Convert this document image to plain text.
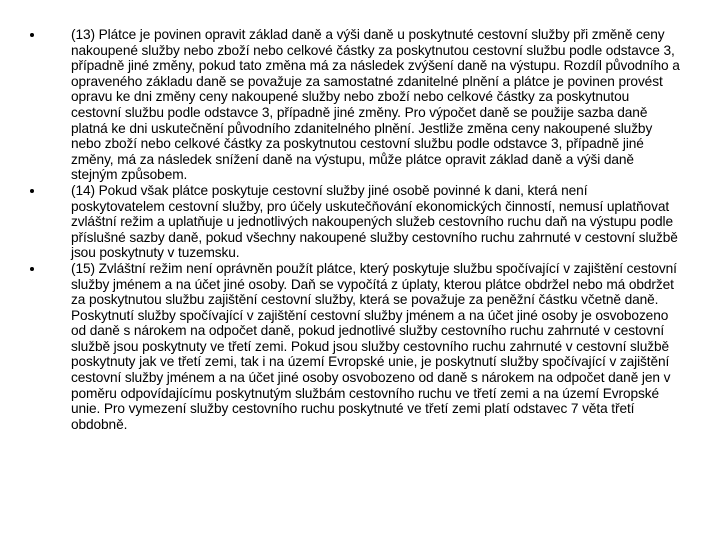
(13) Plátce je povinen opravit základ daně a výši daně u poskytnuté cestovní služby při změně ceny nakoupené služby nebo zboží nebo celkové částky za poskytnutou cestovní službu podle odstavce 3, případně jiné změny, pokud tato změna má za následek zvýšení daně na výstupu. Rozdíl původního a opraveného základu daně se považuje za samostatné zdanitelné plnění a plátce je povinen provést opravu ke dni změny ceny nakoupené služby nebo zboží nebo celkové částky za poskytnutou cestovní službu podle odstavce 3, případně jiné změny. Pro výpočet daně se použije sazba daně platná ke dni uskutečnění původního zdanitelného plnění. Jestliže změna ceny nakoupené služby nebo zboží nebo celkové částky za poskytnutou cestovní službu podle odstavce 3, případně jiné změny, má za následek snížení daně na výstupu, může plátce opravit základ daně a výši daně stejným způsobem.
(14) Pokud však plátce poskytuje cestovní služby jiné osobě povinné k dani, která není poskytovatelem cestovní služby, pro účely uskutečňování ekonomických činností, nemusí uplatňovat zvláštní režim a uplatňuje u jednotlivých nakoupených služeb cestovního ruchu daň na výstupu podle příslušné sazby daně, pokud všechny nakoupené služby cestovního ruchu zahrnuté v cestovní službě jsou poskytnuty v tuzemsku.
(15) Zvláštní režim není oprávněn použít plátce, který poskytuje službu spočívající v zajištění cestovní služby jménem a na účet jiné osoby. Daň se vypočítá z úplaty, kterou plátce obdržel nebo má obdržet za poskytnutou službu zajištění cestovní služby, která se považuje za peněžní částku včetně daně. Poskytnutí služby spočívající v zajištění cestovní služby jménem a na účet jiné osoby je osvobozeno od daně s nárokem na odpočet daně, pokud jednotlivé služby cestovního ruchu zahrnuté v cestovní službě jsou poskytnuty ve třetí zemi. Pokud jsou služby cestovního ruchu zahrnuté v cestovní službě poskytnuty jak ve třetí zemi, tak i na území Evropské unie, je poskytnutí služby spočívající v zajištění cestovní služby jménem a na účet jiné osoby osvobozeno od daně s nárokem na odpočet daně jen v poměru odpovídajícímu poskytnutým službám cestovního ruchu ve třetí zemi a na území Evropské unie. Pro vymezení služby cestovního ruchu poskytnuté ve třetí zemi platí odstavec 7 věta třetí obdobně.
